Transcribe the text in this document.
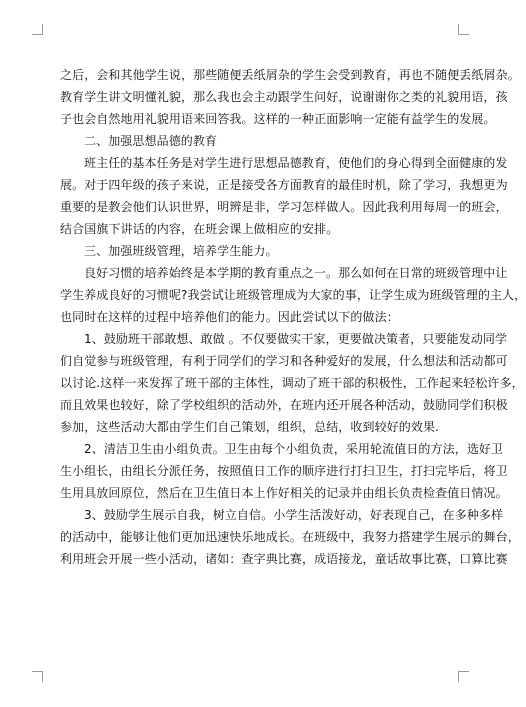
之后，会和其他学生说，那些随便丢纸屑杂的学生会受到教育，再也不随便丢纸屑杂。
教育学生讲文明懂礼貌，那么我也会主动跟学生问好，说谢谢你之类的礼貌用语，孩
子也会自然地用礼貌用语来回答我。这样的一种正面影响一定能有益学生的发展。
二、加强思想品德的教育
班主任的基本任务是对学生进行思想品德教育，使他们的身心得到全面健康的发
展。对于四年级的孩子来说，正是接受各方面教育的最佳时机，除了学习，我想更为
重要的是教会他们认识世界，明辨是非，学习怎样做人。因此我利用每周一的班会，
结合国旗下讲话的内容，在班会课上做相应的安排。
三、加强班级管理，培养学生能力。
良好习惯的培养始终是本学期的教育重点之一。那么如何在日常的班级管理中让
学生养成良好的习惯呢?我尝试让班级管理成为大家的事，让学生成为班级管理的主人，
也同时在这样的过程中培养他们的能力。因此尝试以下的做法：
1、鼓励班干部敢想、敢做 。不仅要做实干家，更要做决策者，只要能发动同学
们自觉参与班级管理，有利于同学们的学习和各种爱好的发展，什么想法和活动都可
以讨论.这样一来发挥了班干部的主体性，调动了班干部的积极性，工作起来轻松许多，
而且效果也较好，除了学校组织的活动外，在班内还开展各种活动，鼓励同学们积极
参加，这些活动大都由学生们自己策划，组织，总结，收到较好的效果.
2、清洁卫生由小组负责。卫生由每个小组负责，采用轮流值日的方法，选好卫
生小组长，由组长分派任务，按照值日工作的顺序进行打扫卫生，打扫完毕后，将卫
生用具放回原位，然后在卫生值日本上作好相关的记录并由组长负责检查值日情况。
3、鼓励学生展示自我，树立自信。小学生活泼好动，好表现自己，在多种多样
的活动中，能够让他们更加迅速快乐地成长。在班级中，我努力搭建学生展示的舞台，
利用班会开展一些小活动，诸如：查字典比赛，成语接龙，童话故事比赛，口算比赛
